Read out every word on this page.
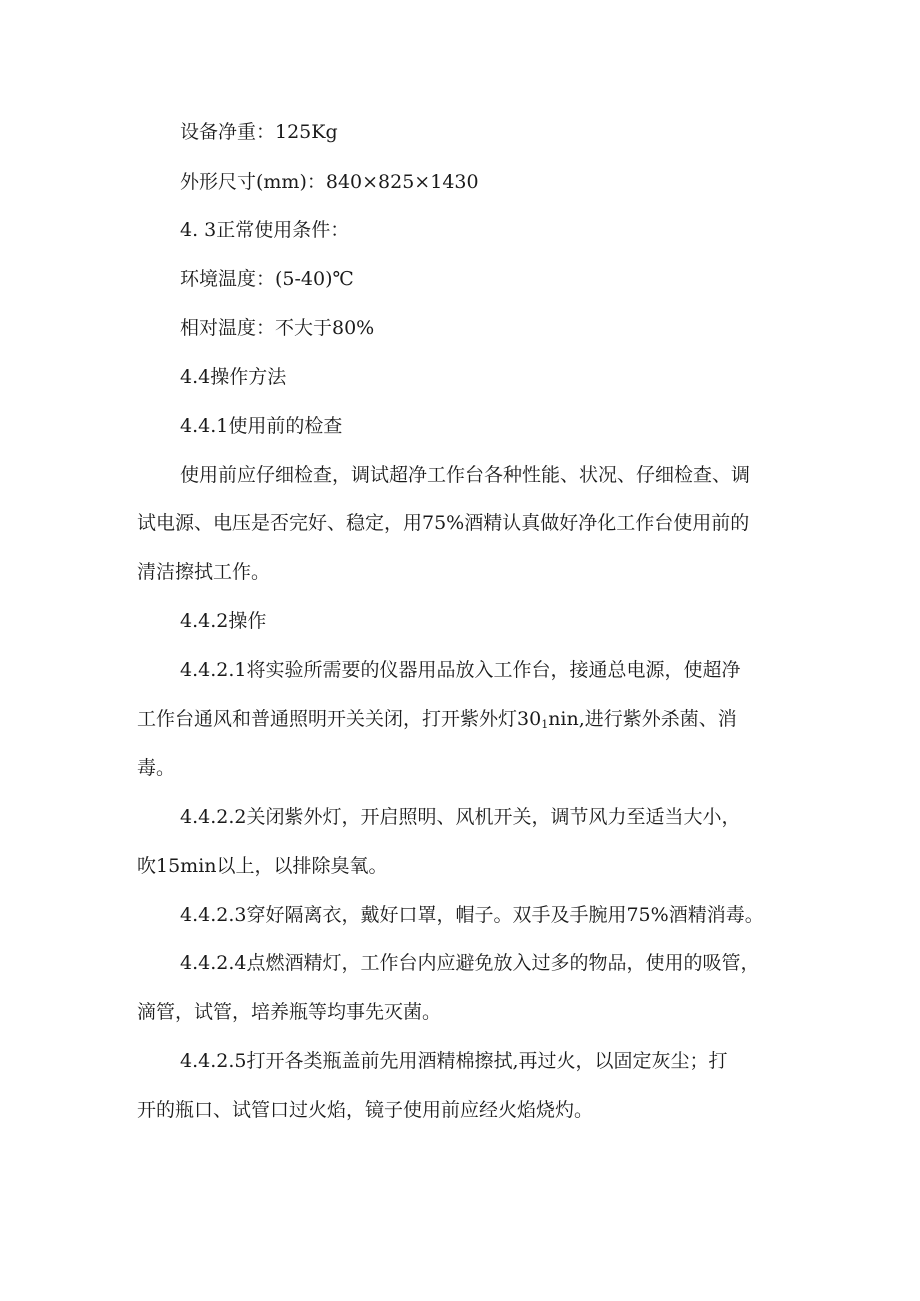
设备净重：125Kg
外形尺寸(mm)：840×825×1430
4. 3正常使用条件：
环境温度：(5-40)℃
相对温度：不大于80%
4.4操作方法
4.4.1使用前的检查
使用前应仔细检查，调试超净工作台各种性能、状况、仔细检查、调
试电源、电压是否完好、稳定，用75%酒精认真做好净化工作台使用前的
清洁擦拭工作。
4.4.2操作
4.4.2.1将实验所需要的仪器用品放入工作台，接通总电源，使超净
工作台通风和普通照明开关关闭，打开紫外灯$30_1nin$,进行紫外杀菌、消
毒。
4.4.2.2关闭紫外灯，开启照明、风机开关，调节风力至适当大小，
吹15min以上，以排除臭氧。
4.4.2.3穿好隔离衣，戴好口罩，帽子。双手及手腕用75%酒精消毒。
4.4.2.4点燃酒精灯，工作台内应避免放入过多的物品，使用的吸管，
滴管，试管，培养瓶等均事先灭菌。
4.4.2.5打开各类瓶盖前先用酒精棉擦拭,再过火，以固定灰尘；打
开的瓶口、试管口过火焰，镜子使用前应经火焰烧灼。
